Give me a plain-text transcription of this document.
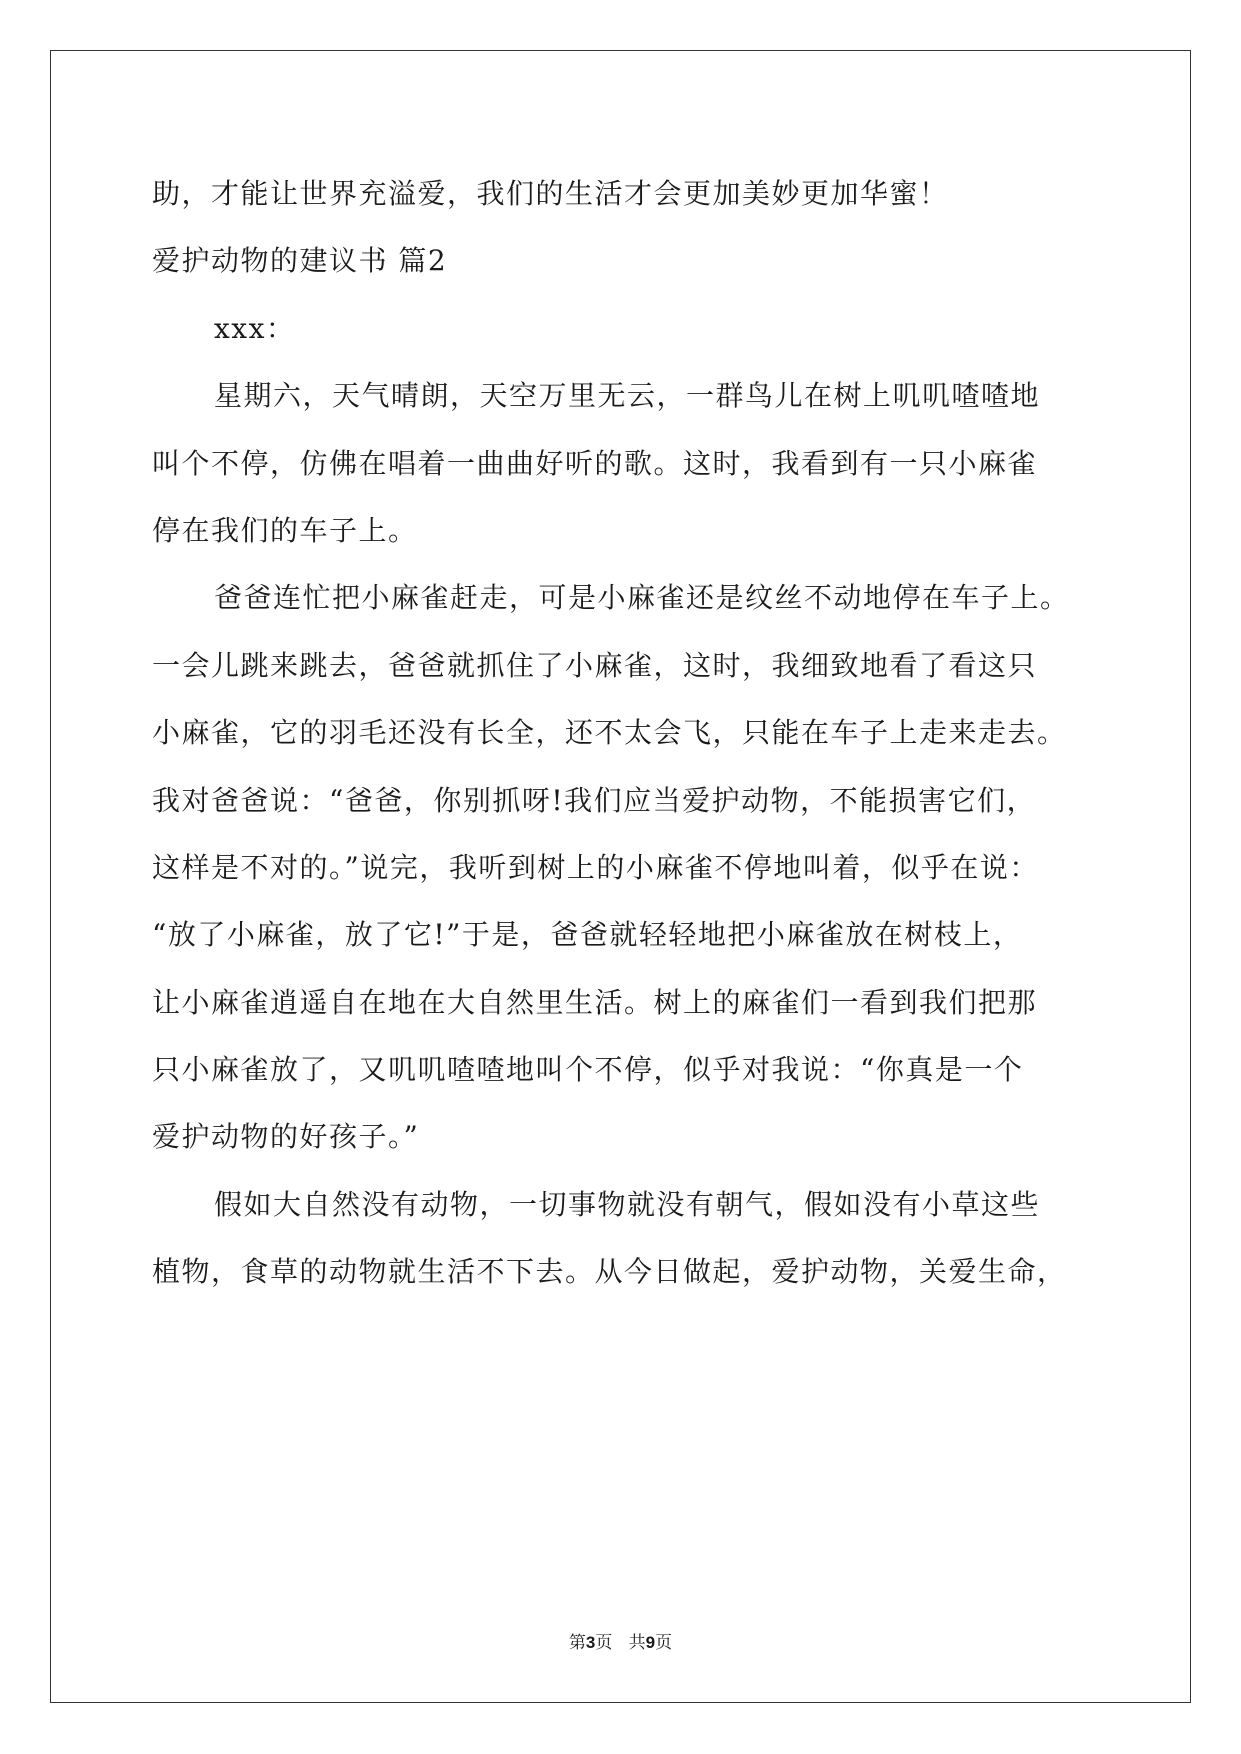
助，才能让世界充溢爱，我们的生活才会更加美妙更加华蜜！
爱护动物的建议书 篇2
xxx：
星期六，天气晴朗，天空万里无云，一群鸟儿在树上叽叽喳喳地
叫个不停，仿佛在唱着一曲曲好听的歌。这时，我看到有一只小麻雀
停在我们的车子上。
爸爸连忙把小麻雀赶走，可是小麻雀还是纹丝不动地停在车子上。
一会儿跳来跳去，爸爸就抓住了小麻雀，这时，我细致地看了看这只
小麻雀，它的羽毛还没有长全，还不太会飞，只能在车子上走来走去。
我对爸爸说：“爸爸，你别抓呀!我们应当爱护动物，不能损害它们，
这样是不对的。”说完，我听到树上的小麻雀不停地叫着，似乎在说：
“放了小麻雀，放了它!”于是，爸爸就轻轻地把小麻雀放在树枝上，
让小麻雀逍遥自在地在大自然里生活。树上的麻雀们一看到我们把那
只小麻雀放了，又叽叽喳喳地叫个不停，似乎对我说：“你真是一个
爱护动物的好孩子。”
假如大自然没有动物，一切事物就没有朝气，假如没有小草这些
植物，食草的动物就生活不下去。从今日做起，爱护动物，关爱生命，
第3页 共9页
